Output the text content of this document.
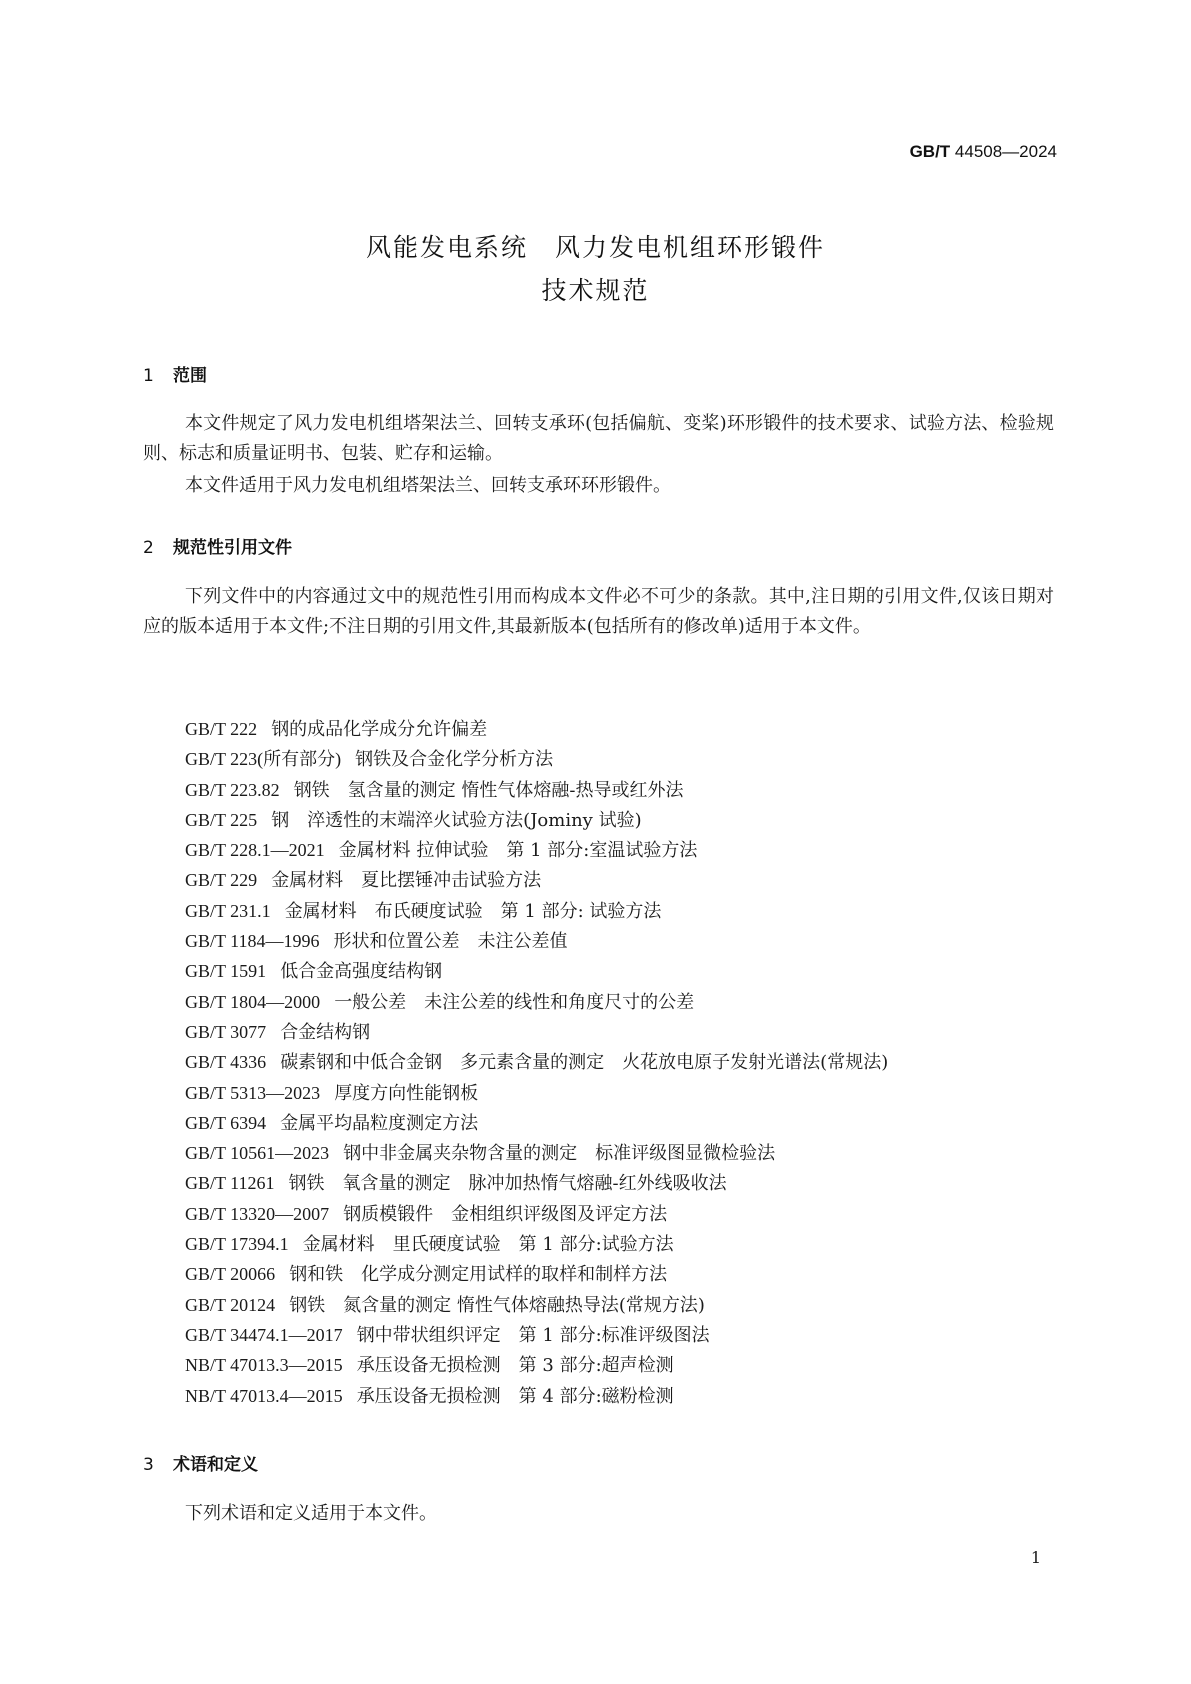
GB/T 44508—2024
风能发电系统　风力发电机组环形锻件
技术规范
1 范围
本文件规定了风力发电机组塔架法兰、回转支承环(包括偏航、变桨)环形锻件的技术要求、试验方法、检验规则、标志和质量证明书、包装、贮存和运输。
本文件适用于风力发电机组塔架法兰、回转支承环环形锻件。
2 规范性引用文件
下列文件中的内容通过文中的规范性引用而构成本文件必不可少的条款。其中,注日期的引用文件,仅该日期对应的版本适用于本文件;不注日期的引用文件,其最新版本(包括所有的修改单)适用于本文件。
GB/T 222 钢的成品化学成分允许偏差
GB/T 223(所有部分) 钢铁及合金化学分析方法
GB/T 223.82 钢铁　氢含量的测定 惰性气体熔融-热导或红外法
GB/T 225 钢　淬透性的末端淬火试验方法(Jominy 试验)
GB/T 228.1—2021 金属材料 拉伸试验　第 1 部分:室温试验方法
GB/T 229 金属材料　夏比摆锤冲击试验方法
GB/T 231.1 金属材料　布氏硬度试验　第 1 部分: 试验方法
GB/T 1184—1996 形状和位置公差　未注公差值
GB/T 1591 低合金高强度结构钢
GB/T 1804—2000 一般公差　未注公差的线性和角度尺寸的公差
GB/T 3077 合金结构钢
GB/T 4336 碳素钢和中低合金钢　多元素含量的测定　火花放电原子发射光谱法(常规法)
GB/T 5313—2023 厚度方向性能钢板
GB/T 6394 金属平均晶粒度测定方法
GB/T 10561—2023 钢中非金属夹杂物含量的测定　标准评级图显微检验法
GB/T 11261 钢铁　氧含量的测定　脉冲加热惰气熔融-红外线吸收法
GB/T 13320—2007 钢质模锻件　金相组织评级图及评定方法
GB/T 17394.1 金属材料　里氏硬度试验　第 1 部分:试验方法
GB/T 20066 钢和铁　化学成分测定用试样的取样和制样方法
GB/T 20124 钢铁　氮含量的测定 惰性气体熔融热导法(常规方法)
GB/T 34474.1—2017 钢中带状组织评定　第 1 部分:标准评级图法
NB/T 47013.3—2015 承压设备无损检测　第 3 部分:超声检测
NB/T 47013.4—2015 承压设备无损检测　第 4 部分:磁粉检测
3 术语和定义
下列术语和定义适用于本文件。
1
